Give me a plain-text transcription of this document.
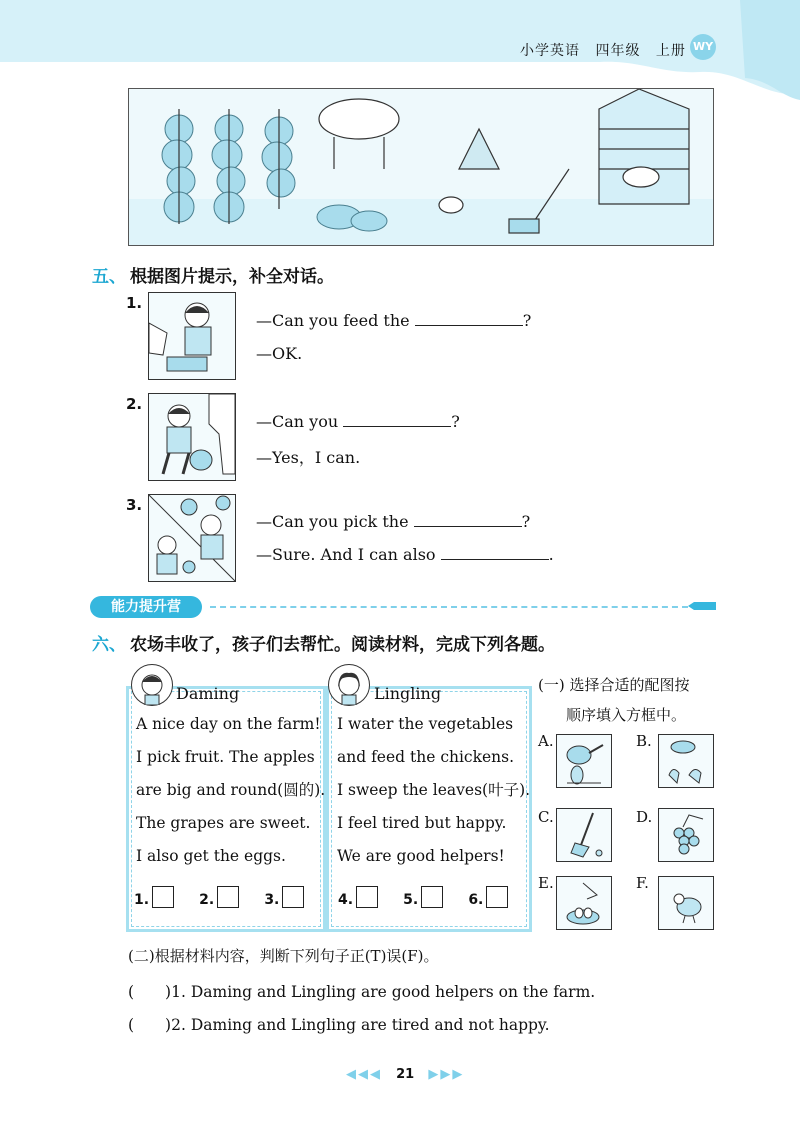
小学英语 四年级 上册 WY
五、 根据图片提示，补全对话。
1.
—Can you feed the	?
—OK.
2.
—Can you	?
—Yes，I can.
3.
—Can you pick the	?
—Sure. And I can also	.
能力提升营
六、 农场丰收了，孩子们去帮忙。阅读材料，完成下列各题。
Daming
A nice day on the farm!
I pick fruit. The apples
are big and round(圆的).
The grapes are sweet.
I also get the eggs.
1.	2.	3.
Lingling
I water the vegetables
and feed the chickens.
I sweep the leaves(叶子).
I feel tired but happy.
We are good helpers!
4.	5.	6.
(一) 选择合适的配图按
顺序填入方框中。
A.	B.
C.	D.
E.	F.
(二)根据材料内容，判断下列句子正(T)误(F)。
(　　)1. Daming and Lingling are good helpers on the farm.
(　　)2. Daming and Lingling are tired and not happy.
◀◀◀ 21 ▶▶▶
